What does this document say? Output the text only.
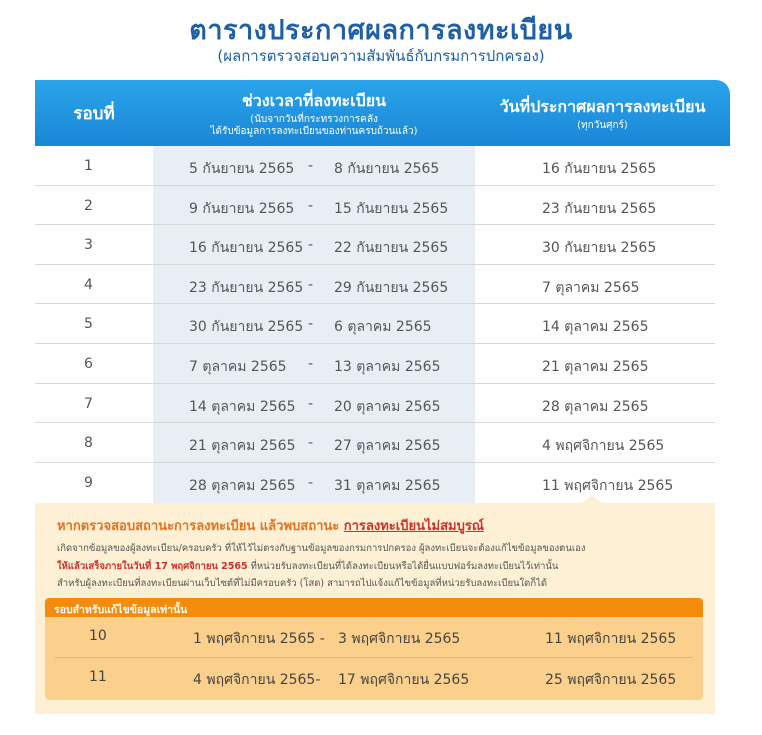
ตารางประกาศผลการลงทะเบียน
(ผลการตรวจสอบความสัมพันธ์กับกรมการปกครอง)
รอบที่
ช่วงเวลาที่ลงทะเบียน
(นับจากวันที่กระทรวงการคลัง
ได้รับข้อมูลการลงทะเบียนของท่านครบถ้วนแล้ว)
วันที่ประกาศผลการลงทะเบียน
(ทุกวันศุกร์)
1	5 กันยายน 2565 - 8 กันยายน 2565	16 กันยายน 2565
2	9 กันยายน 2565 - 15 กันยายน 2565	23 กันยายน 2565
3	16 กันยายน 2565 - 22 กันยายน 2565	30 กันยายน 2565
4	23 กันยายน 2565 - 29 กันยายน 2565	7 ตุลาคม 2565
5	30 กันยายน 2565 - 6 ตุลาคม 2565	14 ตุลาคม 2565
6	7 ตุลาคม 2565 - 13 ตุลาคม 2565	21 ตุลาคม 2565
7	14 ตุลาคม 2565 - 20 ตุลาคม 2565	28 ตุลาคม 2565
8	21 ตุลาคม 2565 - 27 ตุลาคม 2565	4 พฤศจิกายน 2565
9	28 ตุลาคม 2565 - 31 ตุลาคม 2565	11 พฤศจิกายน 2565
หากตรวจสอบสถานะการลงทะเบียน แล้วพบสถานะ การลงทะเบียนไม่สมบูรณ์
เกิดจากข้อมูลของผู้ลงทะเบียน/ครอบครัว ที่ให้ไว้ไม่ตรงกับฐานข้อมูลของกรมการปกครอง ผู้ลงทะเบียนจะต้องแก้ไขข้อมูลของตนเอง
ให้แล้วเสร็จภายในวันที่ 17 พฤศจิกายน 2565 ที่หน่วยรับลงทะเบียนที่ได้ลงทะเบียนหรือได้ยื่นแบบฟอร์มลงทะเบียนไว้เท่านั้น
สำหรับผู้ลงทะเบียนที่ลงทะเบียนผ่านเว็บไซต์ที่ไม่มีครอบครัว (โสด) สามารถไปแจ้งแก้ไขข้อมูลที่หน่วยรับลงทะเบียนใดก็ได้
รอบสำหรับแก้ไขข้อมูลเท่านั้น
10	1 พฤศจิกายน 2565 - 3 พฤศจิกายน 2565	11 พฤศจิกายน 2565
11	4 พฤศจิกายน 2565- 17 พฤศจิกายน 2565	25 พฤศจิกายน 2565
